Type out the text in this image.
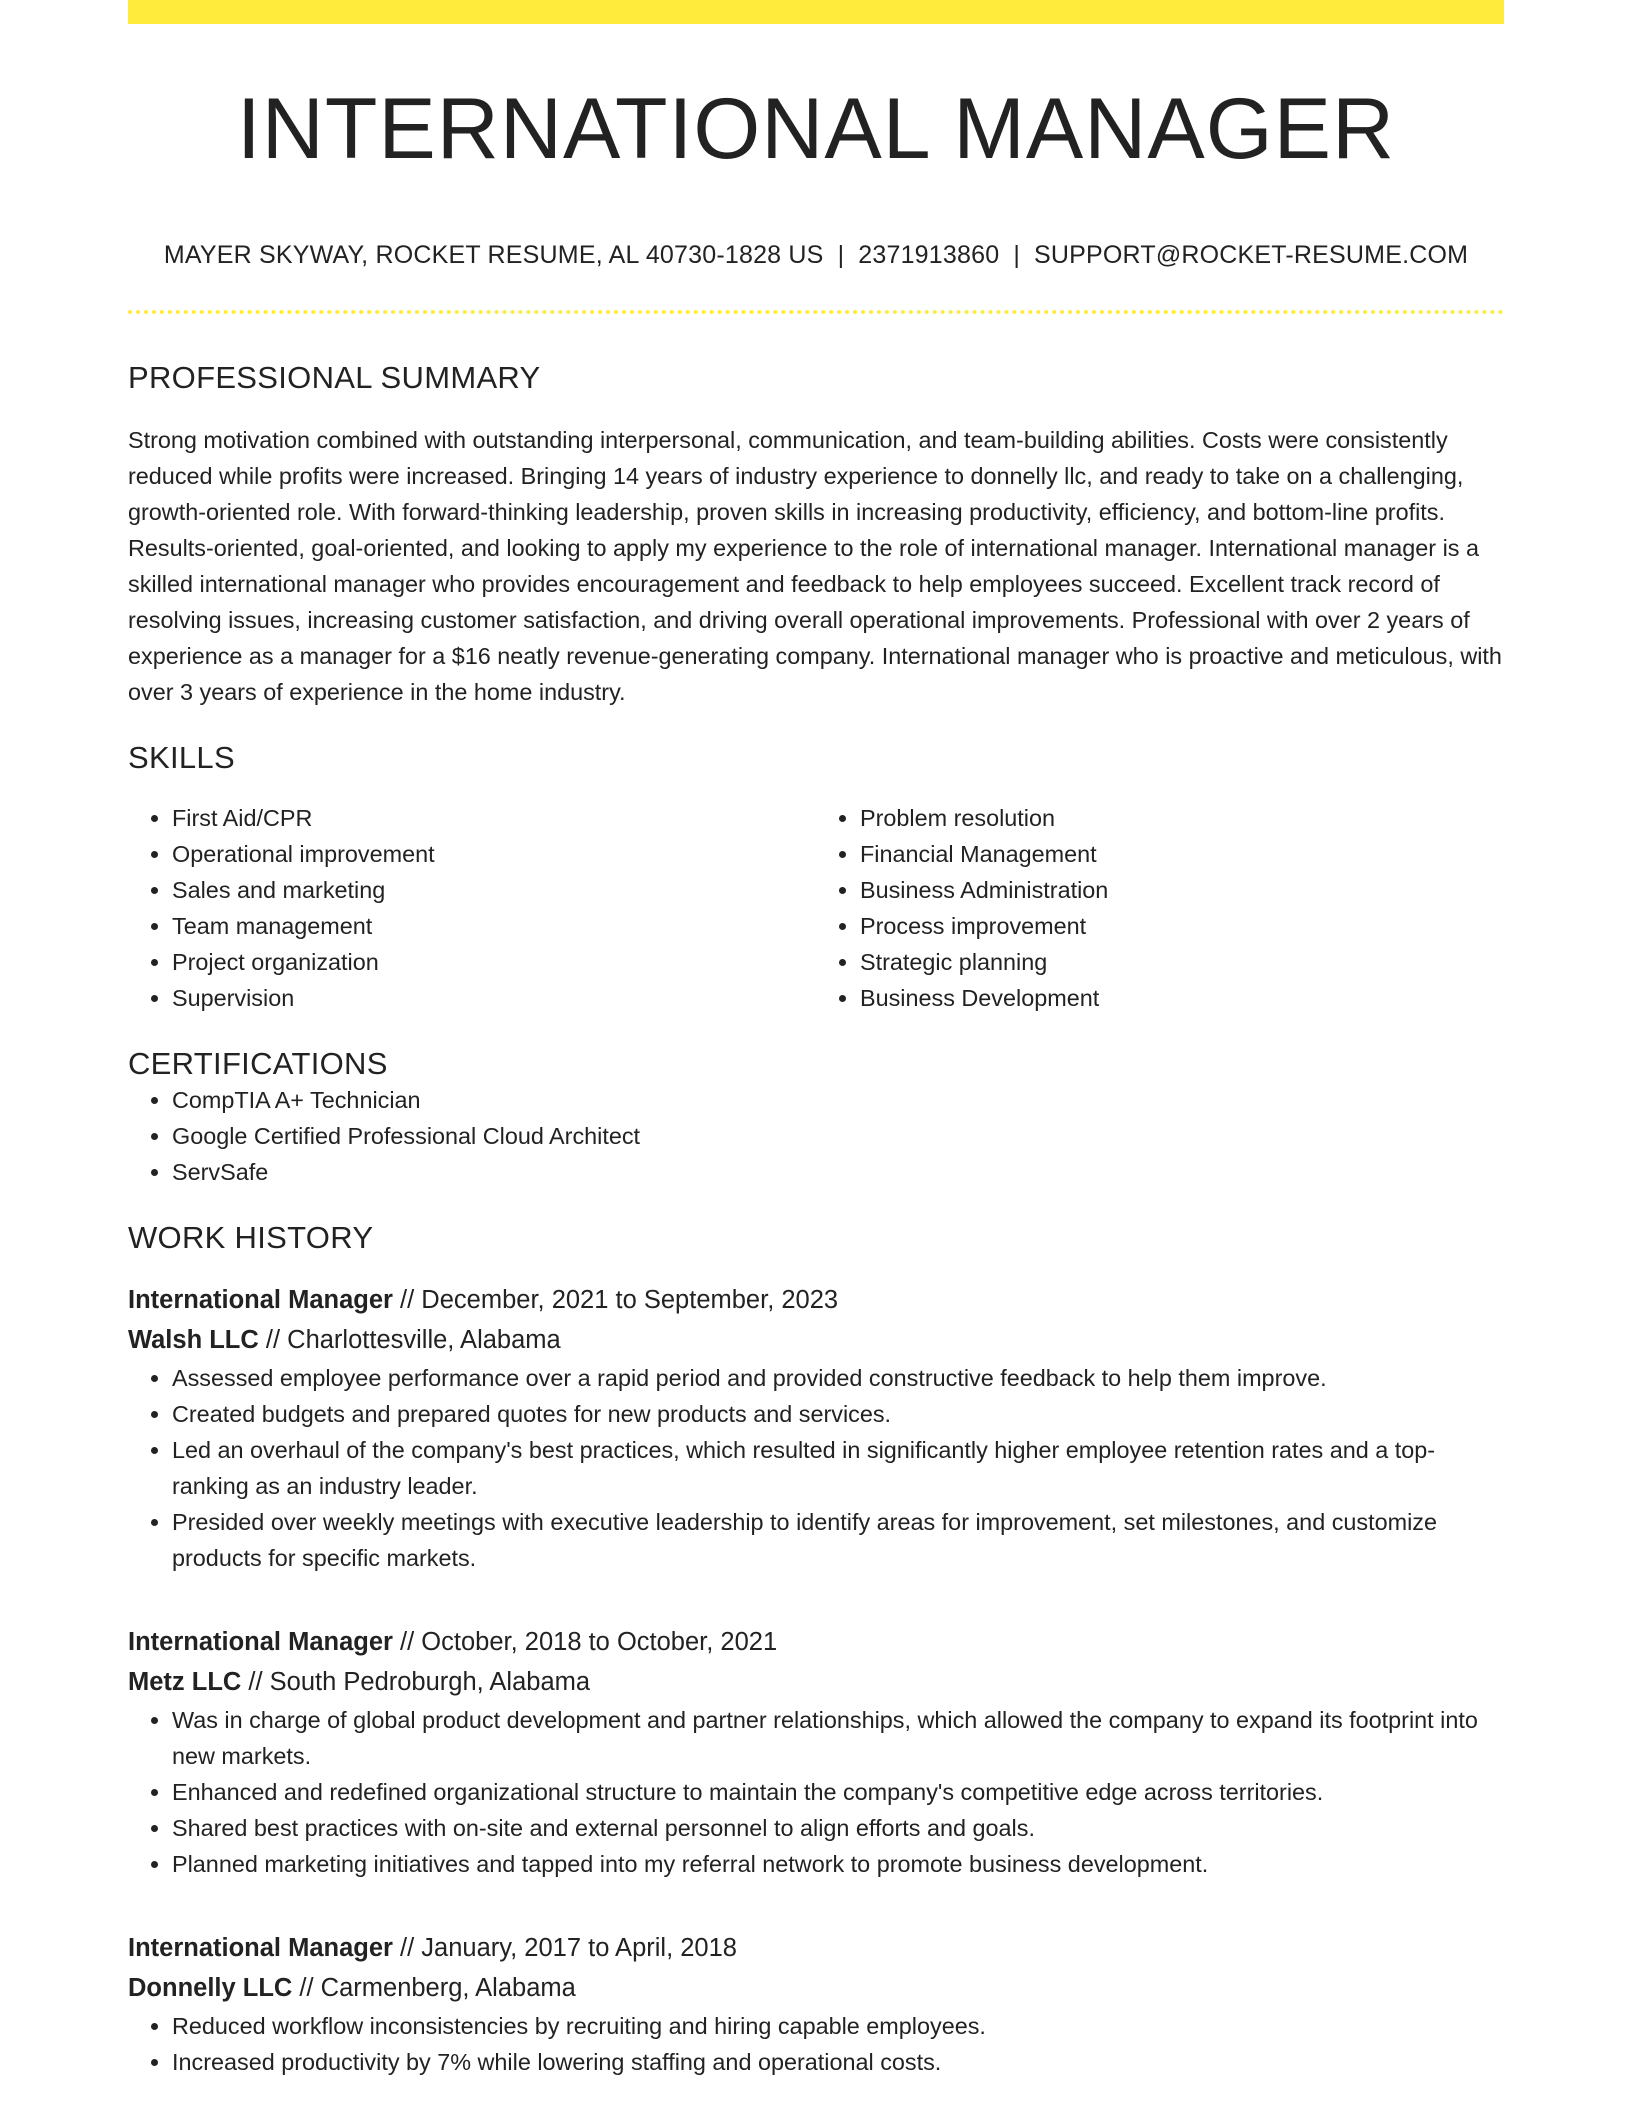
INTERNATIONAL MANAGER
MAYER SKYWAY, ROCKET RESUME, AL 40730-1828 US | 2371913860 | SUPPORT@ROCKET-RESUME.COM
PROFESSIONAL SUMMARY

Strong motivation combined with outstanding interpersonal, communication, and team-building abilities. Costs were consistently reduced while profits were increased. Bringing 14 years of industry experience to donnelly llc, and ready to take on a challenging, growth-oriented role. With forward-thinking leadership, proven skills in increasing productivity, efficiency, and bottom-line profits. Results-oriented, goal-oriented, and looking to apply my experience to the role of international manager. International manager is a skilled international manager who provides encouragement and feedback to help employees succeed. Excellent track record of resolving issues, increasing customer satisfaction, and driving overall operational improvements. Professional with over 2 years of experience as a manager for a $16 neatly revenue-generating company. International manager who is proactive and meticulous, with over 3 years of experience in the home industry.

SKILLS
• First Aid/CPR
• Operational improvement
• Sales and marketing
• Team management
• Project organization
• Supervision
• Problem resolution
• Financial Management
• Business Administration
• Process improvement
• Strategic planning
• Business Development
CERTIFICATIONS
• CompTIA A+ Technician
• Google Certified Professional Cloud Architect
• ServSafe
WORK HISTORY
International Manager // December, 2021 to September, 2023
Walsh LLC // Charlottesville, Alabama
• Assessed employee performance over a rapid period and provided constructive feedback to help them improve.
• Created budgets and prepared quotes for new products and services.
• Led an overhaul of the company's best practices, which resulted in significantly higher employee retention rates and a top-ranking as an industry leader.
• Presided over weekly meetings with executive leadership to identify areas for improvement, set milestones, and customize products for specific markets.
International Manager // October, 2018 to October, 2021
Metz LLC // South Pedroburgh, Alabama
• Was in charge of global product development and partner relationships, which allowed the company to expand its footprint into new markets.
• Enhanced and redefined organizational structure to maintain the company's competitive edge across territories.
• Shared best practices with on-site and external personnel to align efforts and goals.
• Planned marketing initiatives and tapped into my referral network to promote business development.
International Manager // January, 2017 to April, 2018
Donnelly LLC // Carmenberg, Alabama
• Reduced workflow inconsistencies by recruiting and hiring capable employees.
• Increased productivity by 7% while lowering staffing and operational costs.
